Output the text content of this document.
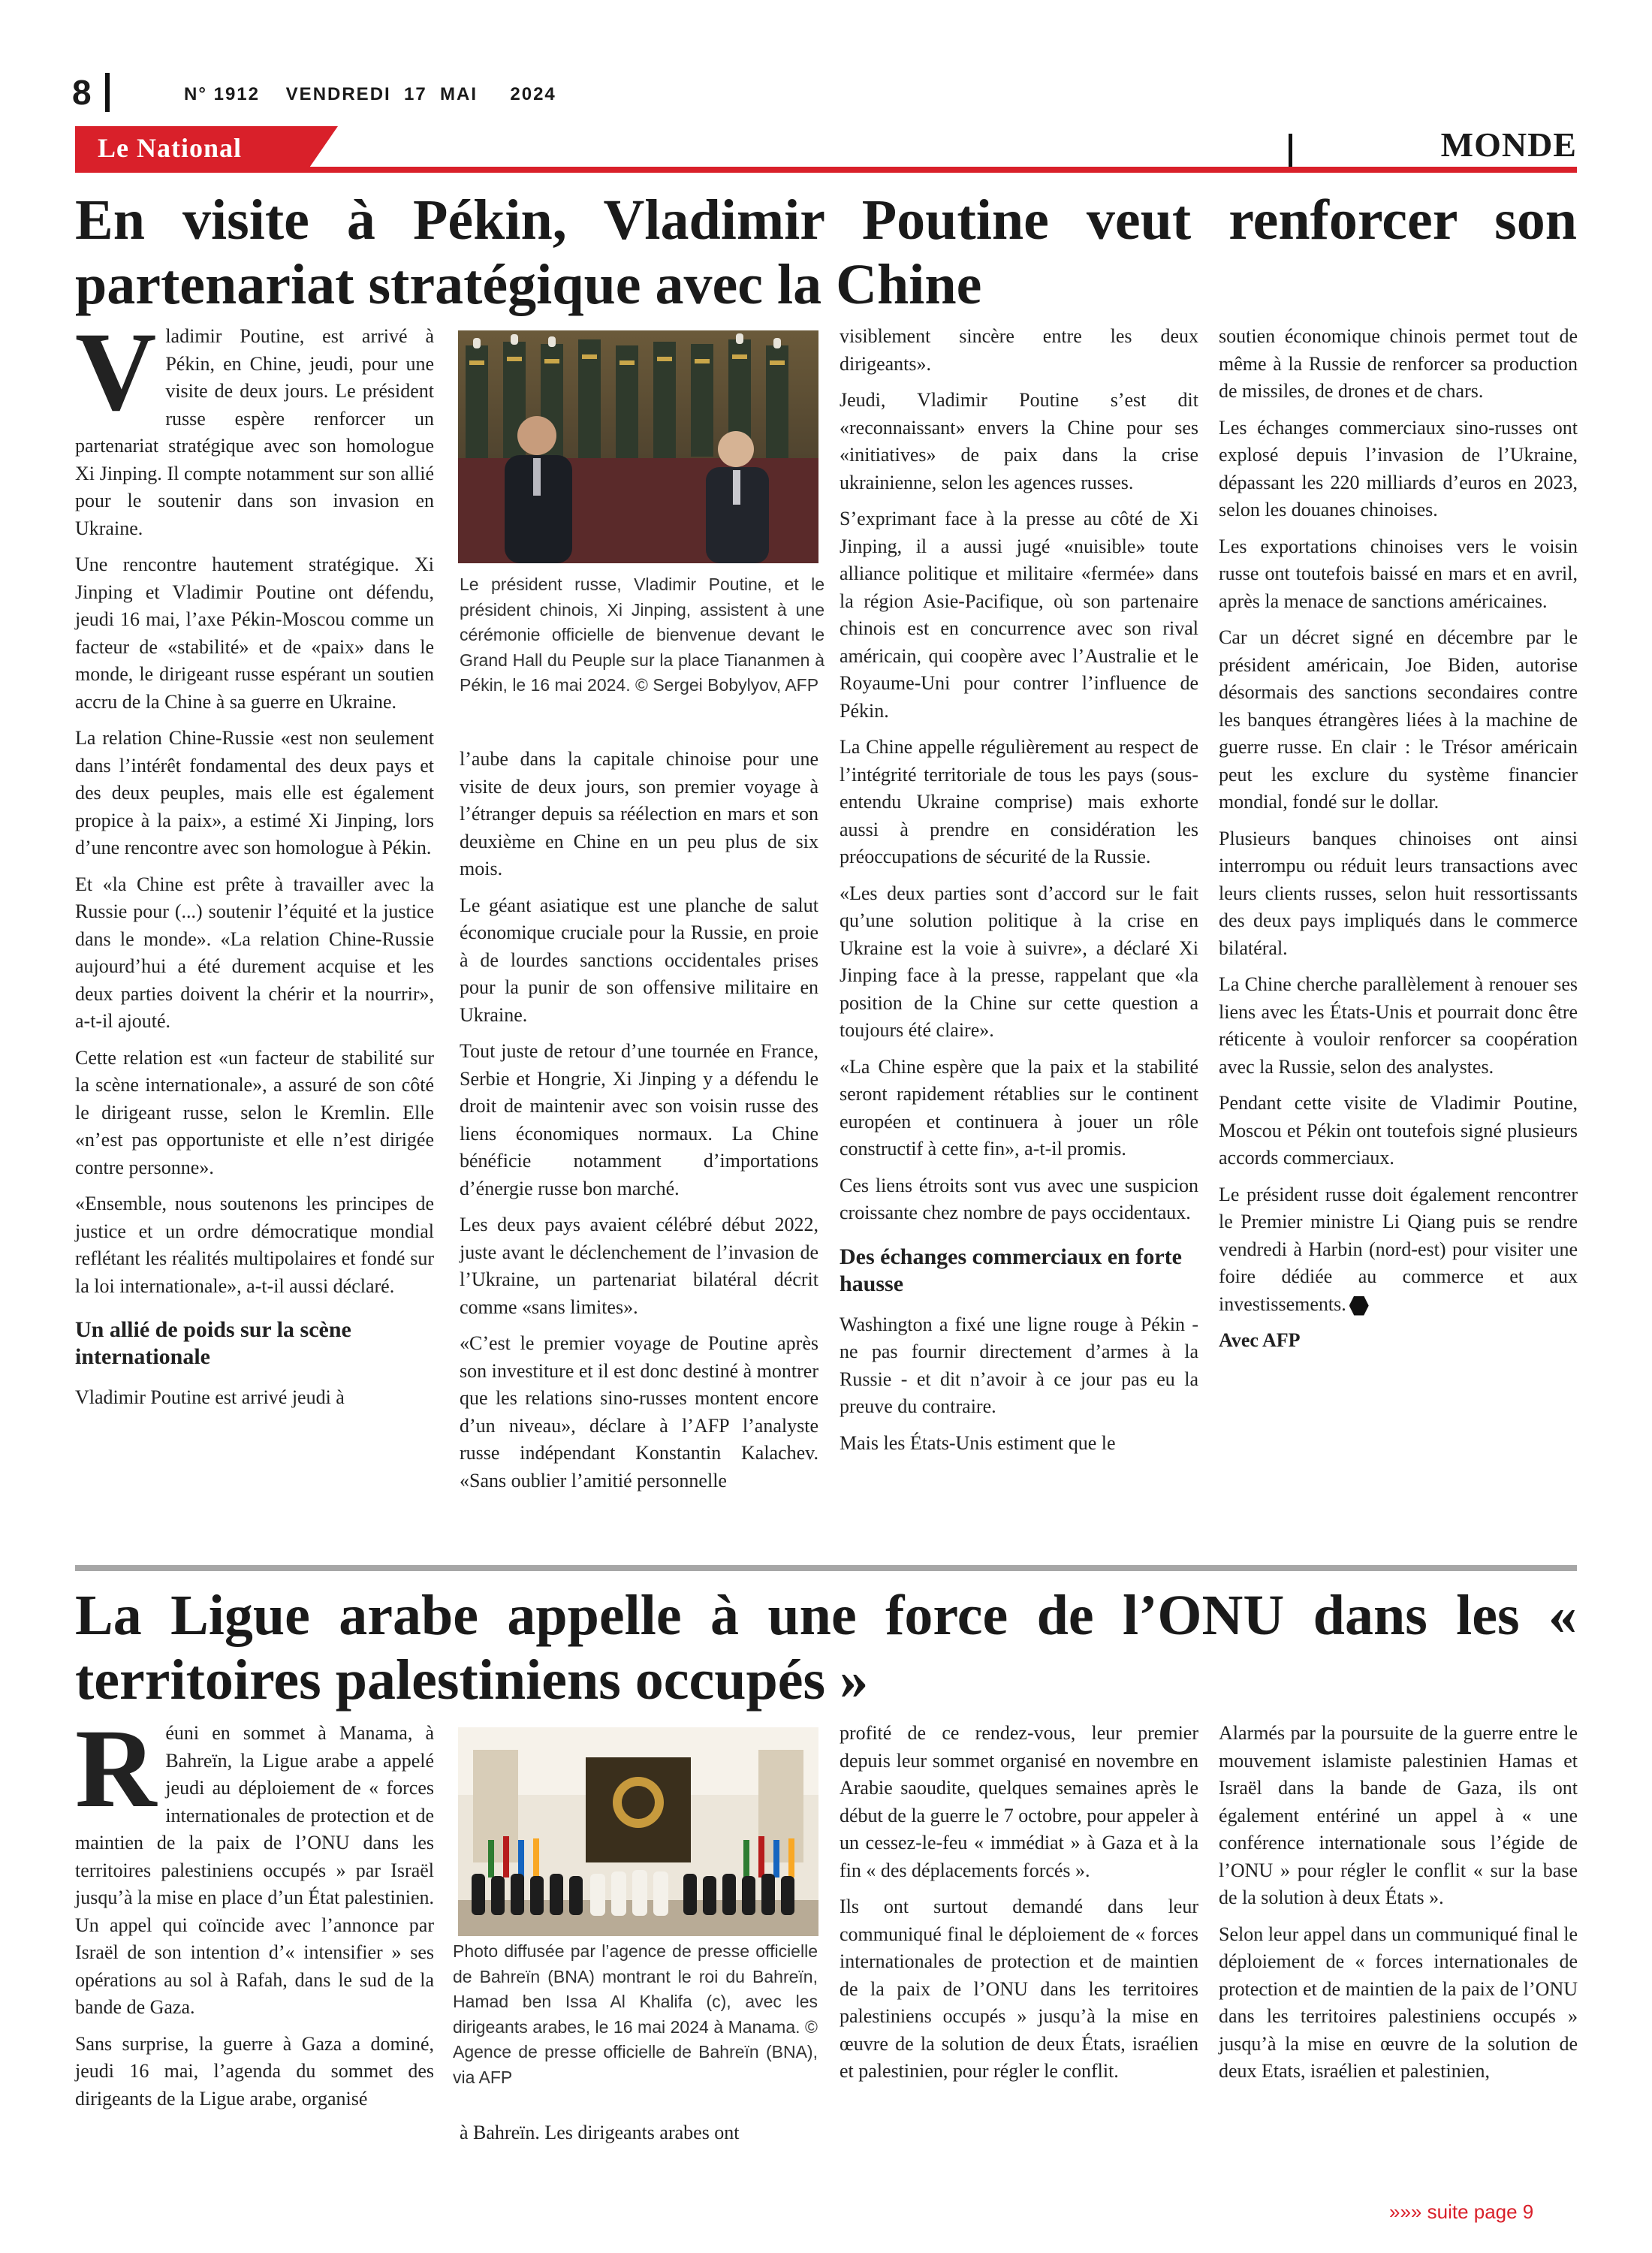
8	N° 1912 VENDREDI  17  MAI     2024
Le National	MONDE
En visite à Pékin, Vladimir Poutine veut renforcer son partenariat stratégique avec la Chine

Vladimir Poutine, est arrivé à Pékin, en Chine, jeudi, pour une visite de deux jours. Le président russe espère renforcer un partenariat stratégique avec son homologue Xi Jinping. Il compte notamment sur son allié pour le soutenir dans son invasion en Ukraine.

Une rencontre hautement stratégique. Xi Jinping et Vladimir Poutine ont défendu, jeudi 16 mai, l’axe Pékin-Moscou comme un facteur de «stabilité» et de «paix» dans le monde, le dirigeant russe espérant un soutien accru de la Chine à sa guerre en Ukraine.

La relation Chine-Russie «est non seulement dans l’intérêt fondamental des deux pays et des deux peuples, mais elle est également propice à la paix», a estimé Xi Jinping, lors d’une rencontre avec son homologue à Pékin.

Et «la Chine est prête à travailler avec la Russie pour (...) soutenir l’équité et la justice dans le monde». «La relation Chine-Russie aujourd’hui a été durement acquise et les deux parties doivent la chérir et la nourrir», a-t-il ajouté.

Cette relation est «un facteur de stabilité sur la scène internationale», a assuré de son côté le dirigeant russe, selon le Kremlin. Elle «n’est pas opportuniste et elle n’est dirigée contre personne».

«Ensemble, nous soutenons les principes de justice et un ordre démocratique mondial reflétant les réalités multipolaires et fondé sur la loi internationale», a-t-il aussi déclaré.

Un allié de poids sur la scène internationale

Vladimir Poutine est arrivé jeudi à

Le président russe, Vladimir Poutine, et le président chinois, Xi Jinping, assistent à une cérémonie officielle de bienvenue devant le Grand Hall du Peuple sur la place Tiananmen à Pékin, le 16 mai 2024. © Sergei Bobylyov, AFP

l’aube dans la capitale chinoise pour une visite de deux jours, son premier voyage à l’étranger depuis sa réélection en mars et son deuxième en Chine en un peu plus de six mois.

Le géant asiatique est une planche de salut économique cruciale pour la Russie, en proie à de lourdes sanctions occidentales prises pour la punir de son offensive militaire en Ukraine.

Tout juste de retour d’une tournée en France, Serbie et Hongrie, Xi Jinping y a défendu le droit de maintenir avec son voisin russe des liens économiques normaux. La Chine bénéficie notamment d’importations d’énergie russe bon marché.

Les deux pays avaient célébré début 2022, juste avant le déclenchement de l’invasion de l’Ukraine, un partenariat bilatéral décrit comme «sans limites».

«C’est le premier voyage de Poutine après son investiture et il est donc destiné à montrer que les relations sino-russes montent encore d’un niveau», déclare à l’AFP l’analyste russe indépendant Konstantin Kalachev. «Sans oublier l’amitié personnelle

visiblement sincère entre les deux dirigeants».

Jeudi, Vladimir Poutine s’est dit «reconnaissant» envers la Chine pour ses «initiatives» de paix dans la crise ukrainienne, selon les agences russes.

S’exprimant face à la presse au côté de Xi Jinping, il a aussi jugé «nuisible» toute alliance politique et militaire «fermée» dans la région Asie-Pacifique, où son partenaire chinois est en concurrence avec son rival américain, qui coopère avec l’Australie et le Royaume-Uni pour contrer l’influence de Pékin.

La Chine appelle régulièrement au respect de l’intégrité territoriale de tous les pays (sous-entendu Ukraine comprise) mais exhorte aussi à prendre en considération les préoccupations de sécurité de la Russie.

«Les deux parties sont d’accord sur le fait qu’une solution politique à la crise en Ukraine est la voie à suivre», a déclaré Xi Jinping face à la presse, rappelant que «la position de la Chine sur cette question a toujours été claire».

«La Chine espère que la paix et la stabilité seront rapidement rétablies sur le continent européen et continuera à jouer un rôle constructif à cette fin», a-t-il promis.

Ces liens étroits sont vus avec une suspicion croissante chez nombre de pays occidentaux.

Des échanges commerciaux en forte hausse

Washington a fixé une ligne rouge à Pékin - ne pas fournir directement d’armes à la Russie - et dit n’avoir à ce jour pas eu la preuve du contraire.

Mais les États-Unis estiment que le

soutien économique chinois permet tout de même à la Russie de renforcer sa production de missiles, de drones et de chars.

Les échanges commerciaux sino-russes ont explosé depuis l’invasion de l’Ukraine, dépassant les 220 milliards d’euros en 2023, selon les douanes chinoises.

Les exportations chinoises vers le voisin russe ont toutefois baissé en mars et en avril, après la menace de sanctions américaines.

Car un décret signé en décembre par le président américain, Joe Biden, autorise désormais des sanctions secondaires contre les banques étrangères liées à la machine de guerre russe. En clair : le Trésor américain peut les exclure du système financier mondial, fondé sur le dollar.

Plusieurs banques chinoises ont ainsi interrompu ou réduit leurs transactions avec leurs clients russes, selon huit ressortissants des deux pays impliqués dans le commerce bilatéral.

La Chine cherche parallèlement à renouer ses liens avec les États-Unis et pourrait donc être réticente à vouloir renforcer sa coopération avec la Russie, selon des analystes.

Pendant cette visite de Vladimir Poutine, Moscou et Pékin ont toutefois signé plusieurs accords commerciaux.

Le président russe doit également rencontrer le Premier ministre Li Qiang puis se rendre vendredi à Harbin (nord-est) pour visiter une foire dédiée au commerce et aux investissements.

Avec AFP

La Ligue arabe appelle à une force de l’ONU dans les « territoires palestiniens occupés »

Réuni en sommet à Manama, à Bahreïn, la Ligue arabe a appelé jeudi au déploiement de « forces internationales de protection et de maintien de la paix de l’ONU dans les territoires palestiniens occupés » par Israël jusqu’à la mise en place d’un État palestinien. Un appel qui coïncide avec l’annonce par Israël de son intention d’« intensifier » ses opérations au sol à Rafah, dans le sud de la bande de Gaza.

Sans surprise, la guerre à Gaza a dominé, jeudi 16 mai, l’agenda du sommet des dirigeants de la Ligue arabe, organisé

Photo diffusée par l’agence de presse officielle de Bahreïn (BNA) montrant le roi du Bahreïn, Hamad ben Issa Al Khalifa (c), avec les dirigeants arabes, le 16 mai 2024 à Manama. © Agence de presse officielle de Bahreïn (BNA), via AFP

à Bahreïn. Les dirigeants arabes ont

profité de ce rendez-vous, leur premier depuis leur sommet organisé en novembre en Arabie saoudite, quelques semaines après le début de la guerre le 7 octobre, pour appeler à un cessez-le-feu « immédiat » à Gaza et à la fin « des déplacements forcés ».

Ils ont surtout demandé dans leur communiqué final le déploiement de « forces internationales de protection et de maintien de la paix de l’ONU dans les territoires palestiniens occupés » jusqu’à la mise en œuvre de la solution de deux États, israélien et palestinien, pour régler le conflit.

Alarmés par la poursuite de la guerre entre le mouvement islamiste palestinien Hamas et Israël dans la bande de Gaza, ils ont également entériné un appel à « une conférence internationale sous l’égide de l’ONU » pour régler le conflit « sur la base de la solution à deux États ».

Selon leur appel dans un communiqué final le déploiement de « forces internationales de protection et de maintien de la paix de l’ONU dans les territoires palestiniens occupés » jusqu’à la mise en œuvre de la solution de deux Etats, israélien et palestinien,

»»» suite page 9
